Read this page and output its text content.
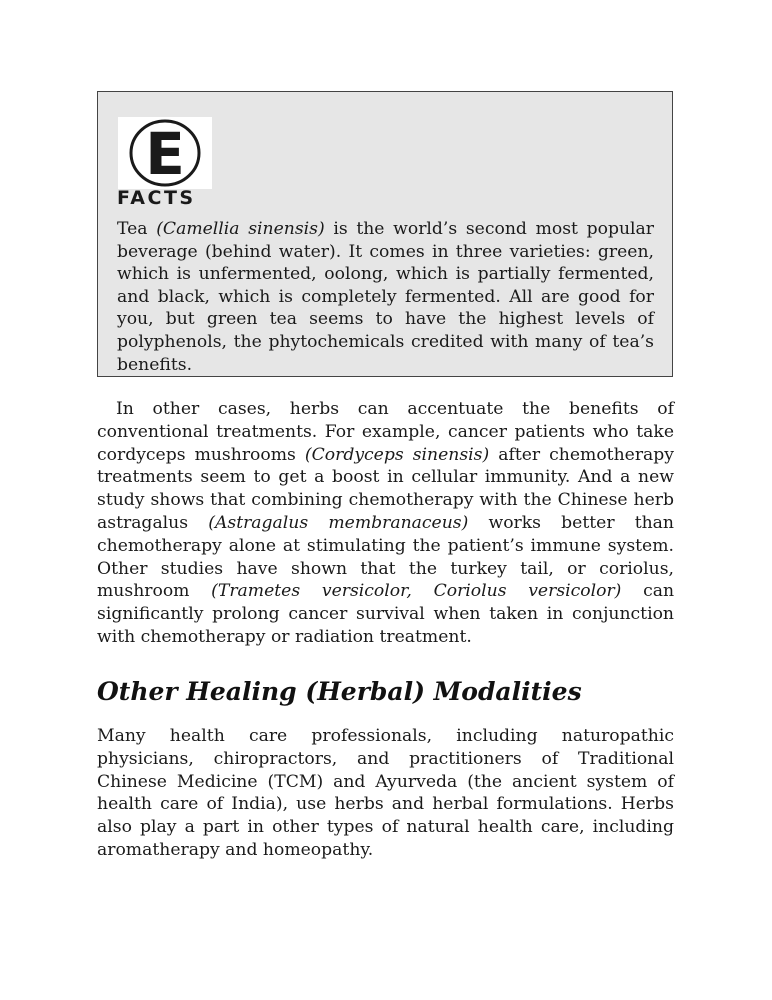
E
FACTS

Tea (Camellia sinensis) is the world’s second most popular beverage (behind water). It comes in three varieties: green, which is unfermented, oolong, which is partially fermented, and black, which is completely fermented. All are good for you, but green tea seems to have the highest levels of polyphenols, the phytochemicals credited with many of tea’s benefits.

In other cases, herbs can accentuate the benefits of conventional treatments. For example, cancer patients who take cordyceps mushrooms (Cordyceps sinensis) after chemotherapy treatments seem to get a boost in cellular immunity. And a new study shows that combining chemotherapy with the Chinese herb astragalus (Astragalus membranaceus) works better than chemotherapy alone at stimulating the patient’s immune system. Other studies have shown that the turkey tail, or coriolus, mushroom (Trametes versicolor, Coriolus versicolor) can significantly prolong cancer survival when taken in conjunction with chemotherapy or radiation treatment.

Other Healing (Herbal) Modalities

Many health care professionals, including naturopathic physicians, chiropractors, and practitioners of Traditional Chinese Medicine (TCM) and Ayurveda (the ancient system of health care of India), use herbs and herbal formulations. Herbs also play a part in other types of natural health care, including aromatherapy and homeopathy.
